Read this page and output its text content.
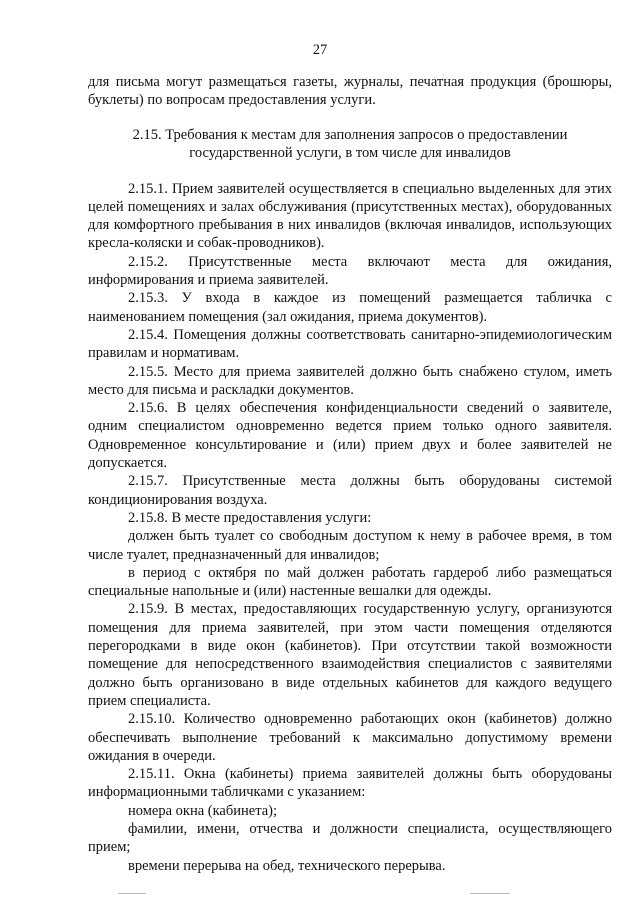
27

для письма могут размещаться газеты, журналы, печатная продукция (брошюры, буклеты) по вопросам предоставления услуги.

2.15. Требования к местам для заполнения запросов о предоставлении
государственной услуги, в том числе для инвалидов

2.15.1. Прием заявителей осуществляется в специально выделенных для этих целей помещениях и залах обслуживания (присутственных местах), оборудованных для комфортного пребывания в них инвалидов (включая инвалидов, использующих кресла-коляски и собак-проводников).

2.15.2. Присутственные места включают места для ожидания, информирования и приема заявителей.

2.15.3. У входа в каждое из помещений размещается табличка с наименованием помещения (зал ожидания, приема документов).

2.15.4. Помещения должны соответствовать санитарно-эпидемиологическим правилам и нормативам.

2.15.5. Место для приема заявителей должно быть снабжено стулом, иметь место для письма и раскладки документов.

2.15.6. В целях обеспечения конфиденциальности сведений о заявителе, одним специалистом одновременно ведется прием только одного заявителя. Одновременное консультирование и (или) прием двух и более заявителей не допускается.

2.15.7. Присутственные места должны быть оборудованы системой кондиционирования воздуха.

2.15.8. В месте предоставления услуги:

должен быть туалет со свободным доступом к нему в рабочее время, в том числе туалет, предназначенный для инвалидов;

в период с октября по май должен работать гардероб либо размещаться специальные напольные и (или) настенные вешалки для одежды.

2.15.9. В местах, предоставляющих государственную услугу, организуются помещения для приема заявителей, при этом части помещения отделяются перегородками в виде окон (кабинетов). При отсутствии такой возможности помещение для непосредственного взаимодействия специалистов с заявителями должно быть организовано в виде отдельных кабинетов для каждого ведущего прием специалиста.

2.15.10. Количество одновременно работающих окон (кабинетов) должно обеспечивать выполнение требований к максимально допустимому времени ожидания в очереди.

2.15.11. Окна (кабинеты) приема заявителей должны быть оборудованы информационными табличками с указанием:

номера окна (кабинета);

фамилии, имени, отчества и должности специалиста, осуществляющего прием;

времени перерыва на обед, технического перерыва.
